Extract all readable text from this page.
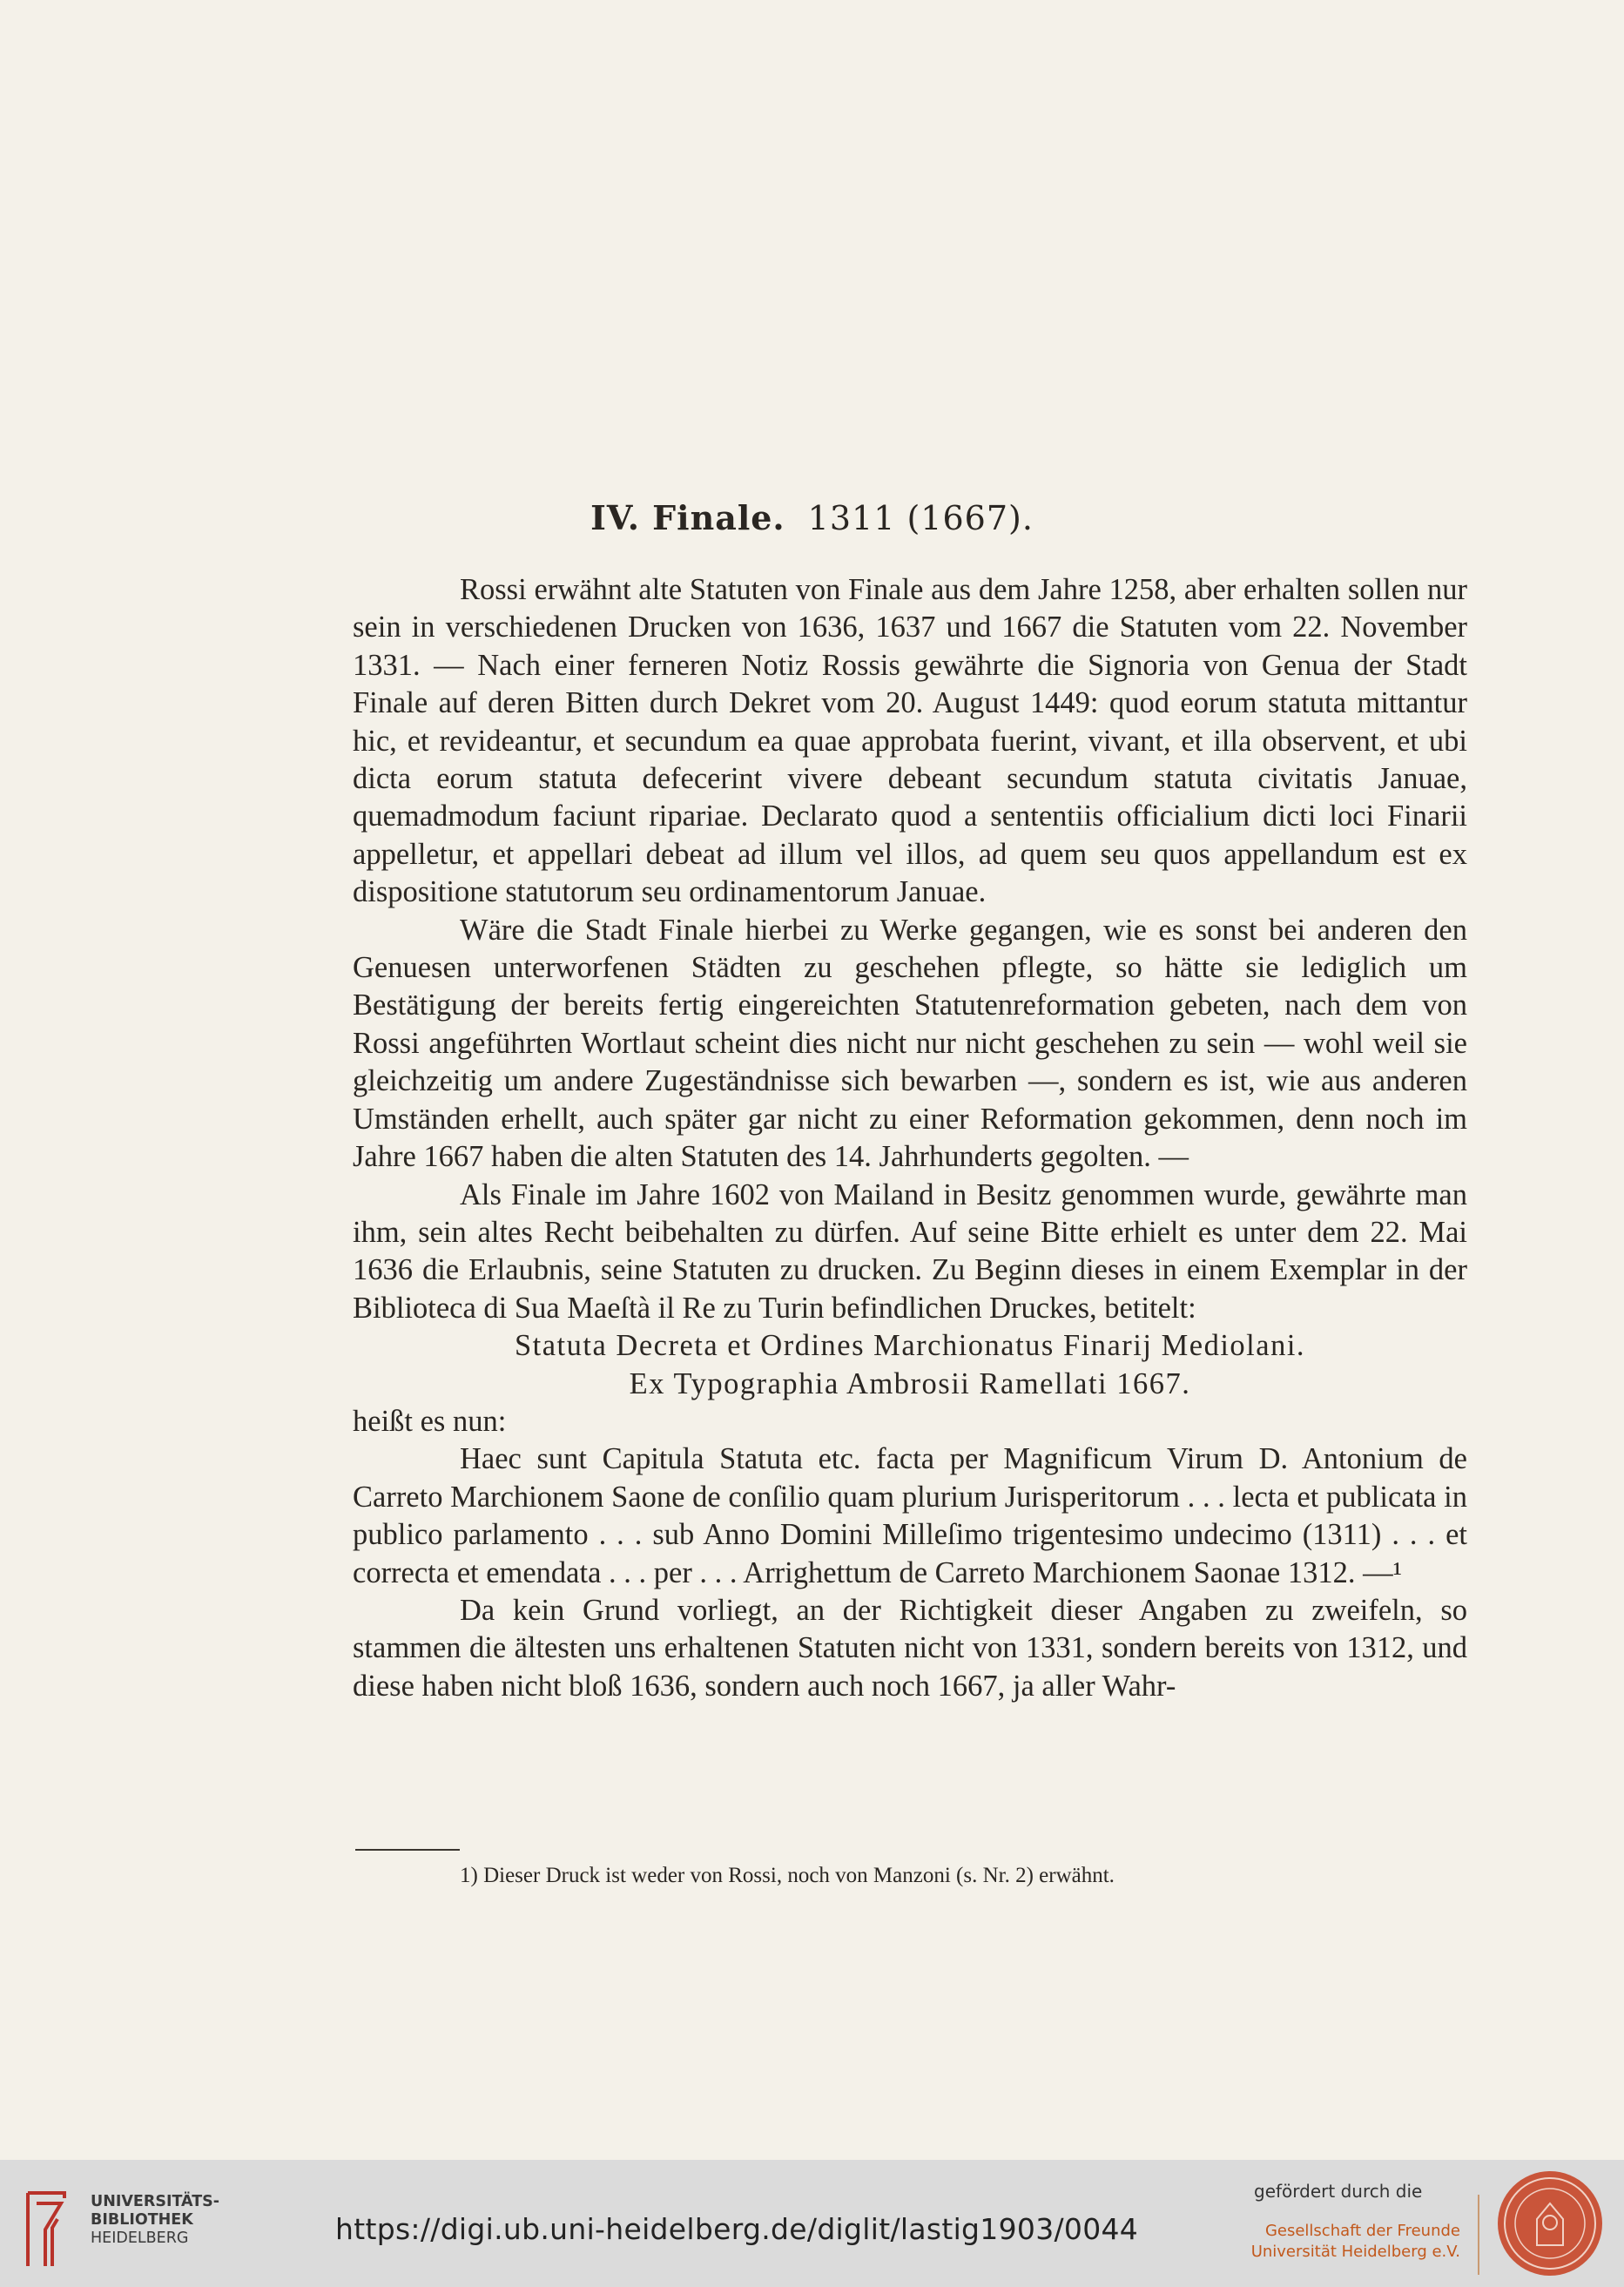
IV. Finale. 1311 (1667).

Rossi erwähnt alte Statuten von Finale aus dem Jahre 1258, aber erhalten sollen nur sein in verschiedenen Drucken von 1636, 1637 und 1667 die Statuten vom 22. November 1331. — Nach einer ferneren Notiz Rossis gewährte die Signoria von Genua der Stadt Finale auf deren Bitten durch Dekret vom 20. August 1449: quod eorum statuta mittantur hic, et revideantur, et secundum ea quae approbata fuerint, vivant, et illa observent, et ubi dicta eorum statuta defecerint vivere debeant secundum statuta civitatis Januae, quemadmodum faciunt ripariae. Declarato quod a sententiis officialium dicti loci Finarii appelletur, et appellari debeat ad illum vel illos, ad quem seu quos appellandum est ex dispositione statutorum seu ordinamentorum Januae.

Wäre die Stadt Finale hierbei zu Werke gegangen, wie es sonst bei anderen den Genuesen unterworfenen Städten zu geschehen pflegte, so hätte sie lediglich um Bestätigung der bereits fertig eingereichten Statutenreformation gebeten, nach dem von Rossi angeführten Wortlaut scheint dies nicht nur nicht geschehen zu sein — wohl weil sie gleichzeitig um andere Zugeständnisse sich bewarben —, sondern es ist, wie aus anderen Umständen erhellt, auch später gar nicht zu einer Reformation gekommen, denn noch im Jahre 1667 haben die alten Statuten des 14. Jahrhunderts gegolten. —

Als Finale im Jahre 1602 von Mailand in Besitz genommen wurde, gewährte man ihm, sein altes Recht beibehalten zu dürfen. Auf seine Bitte erhielt es unter dem 22. Mai 1636 die Erlaubnis, seine Statuten zu drucken. Zu Beginn dieses in einem Exemplar in der Biblioteca di Sua Maeſtà il Re zu Turin befindlichen Druckes, betitelt:

Statuta Decreta et Ordines Marchionatus Finarij Mediolani.

Ex Typographia Ambrosii Ramellati 1667.

heißt es nun:

Haec sunt Capitula Statuta etc. facta per Magnificum Virum D. Antonium de Carreto Marchionem Saone de conſilio quam plurium Jurisperitorum . . . lecta et publicata in publico parlamento . . . sub Anno Domini Milleſimo trigentesimo undecimo (1311) . . . et correcta et emendata . . . per . . . Arrighettum de Carreto Marchionem Saonae 1312. —¹

Da kein Grund vorliegt, an der Richtigkeit dieser Angaben zu zweifeln, so stammen die ältesten uns erhaltenen Statuten nicht von 1331, sondern bereits von 1312, und diese haben nicht bloß 1636, sondern auch noch 1667, ja aller Wahr-

1) Dieser Druck ist weder von Rossi, noch von Manzoni (s. Nr. 2) erwähnt.
UNIVERSITÄTS-
BIBLIOTHEK
HEIDELBERG	https://digi.ub.uni-heidelberg.de/diglit/lastig1903/0044
gefördert durch die
Gesellschaft der Freunde
Universität Heidelberg e.V.
